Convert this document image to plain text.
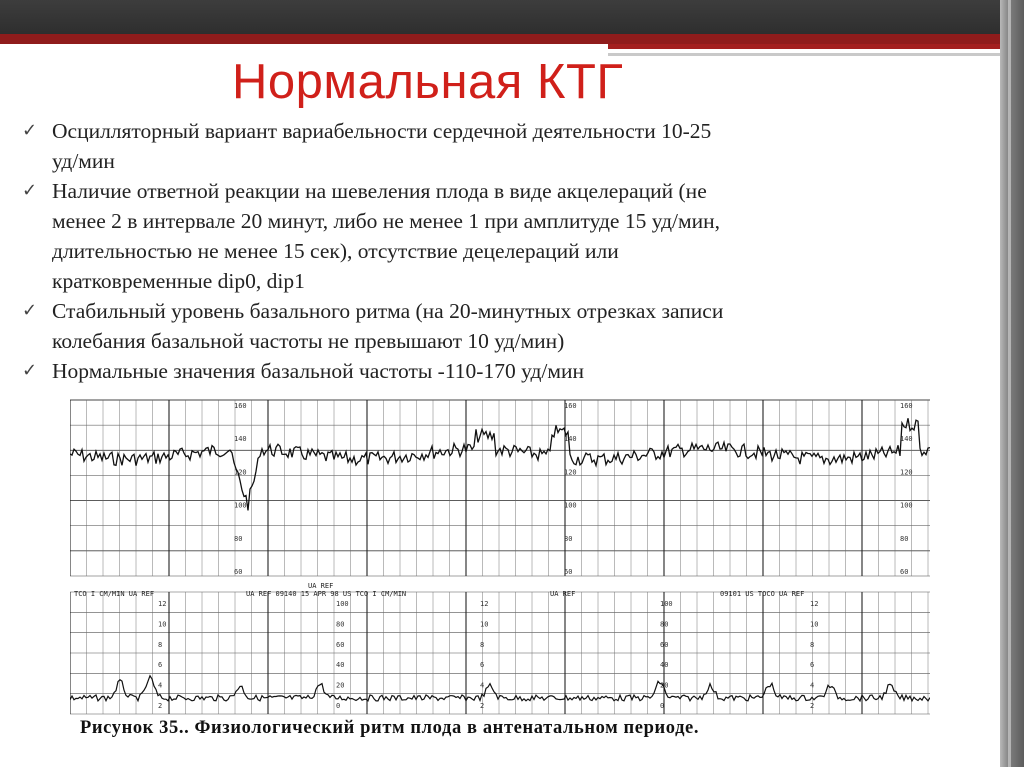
Нормальная КТГ
✓ Осцилляторный вариант вариабельности сердечной деятельности 10-25
уд/мин
✓ Наличие ответной реакции на шевеления плода в виде акцелераций (не
менее 2 в интервале 20 минут, либо не менее 1 при амплитуде 15 уд/мин,
длительностью не менее 15 сек), отсутствие децелераций или
кратковременные dip0, dip1
✓ Стабильный уровень базального ритма (на 20-минутных отрезках записи
колебания базальной частоты не превышают 10 уд/мин)
✓ Нормальные значения базальной частоты -110-170 уд/мин
160
140
120
100
80
60
160
140
120
100
80
60
160
140
120
100
80
60
100
80
60
40
20
0
100
80
60
40
20
0
12
10
8
6
4
2
12
10
8
6
4
2
12
10
8
6
4
2
TCO I CM/MIN UA REF
UA REF
UA REF 09140 15 APR 98 US TCO I CM/MIN	UA REF	09101 US TOCO UA REF
Рисунок 35.. Физиологический ритм плода в антенатальном периоде.
